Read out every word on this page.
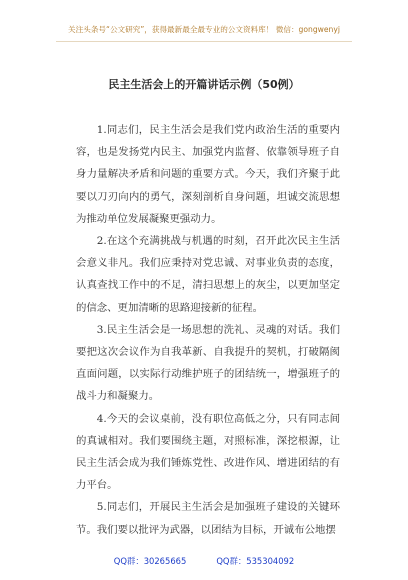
关注头条号“公文研究”，获得最新最全最专业的公文资料库！ 微信：gongwenyj
民主生活会上的开篇讲话示例（50例）

1.同志们，民主生活会是我们党内政治生活的重要内容，也是发扬党内民主、加强党内监督、依靠领导班子自身力量解决矛盾和问题的重要方式。今天，我们齐聚于此要以刀刃向内的勇气，深刻剖析自身问题，坦诚交流思想为推动单位发展凝聚更强动力。

2.在这个充满挑战与机遇的时刻，召开此次民主生活会意义非凡。我们应秉持对党忠诚、对事业负责的态度，认真查找工作中的不足，清扫思想上的灰尘，以更加坚定的信念、更加清晰的思路迎接新的征程。

3.民主生活会是一场思想的洗礼、灵魂的对话。我们要把这次会议作为自我革新、自我提升的契机，打破隔阂直面问题，以实际行动维护班子的团结统一，增强班子的战斗力和凝聚力。

4.今天的会议桌前，没有职位高低之分，只有同志间的真诚相对。我们要围绕主题，对照标准，深挖根源，让民主生活会成为我们锤炼党性、改进作风、增进团结的有力平台。

5.同志们，开展民主生活会是加强班子建设的关键环节。我们要以批评为武器，以团结为目标，开诚布公地摆

QQ群：30265665	QQ群：535304092
